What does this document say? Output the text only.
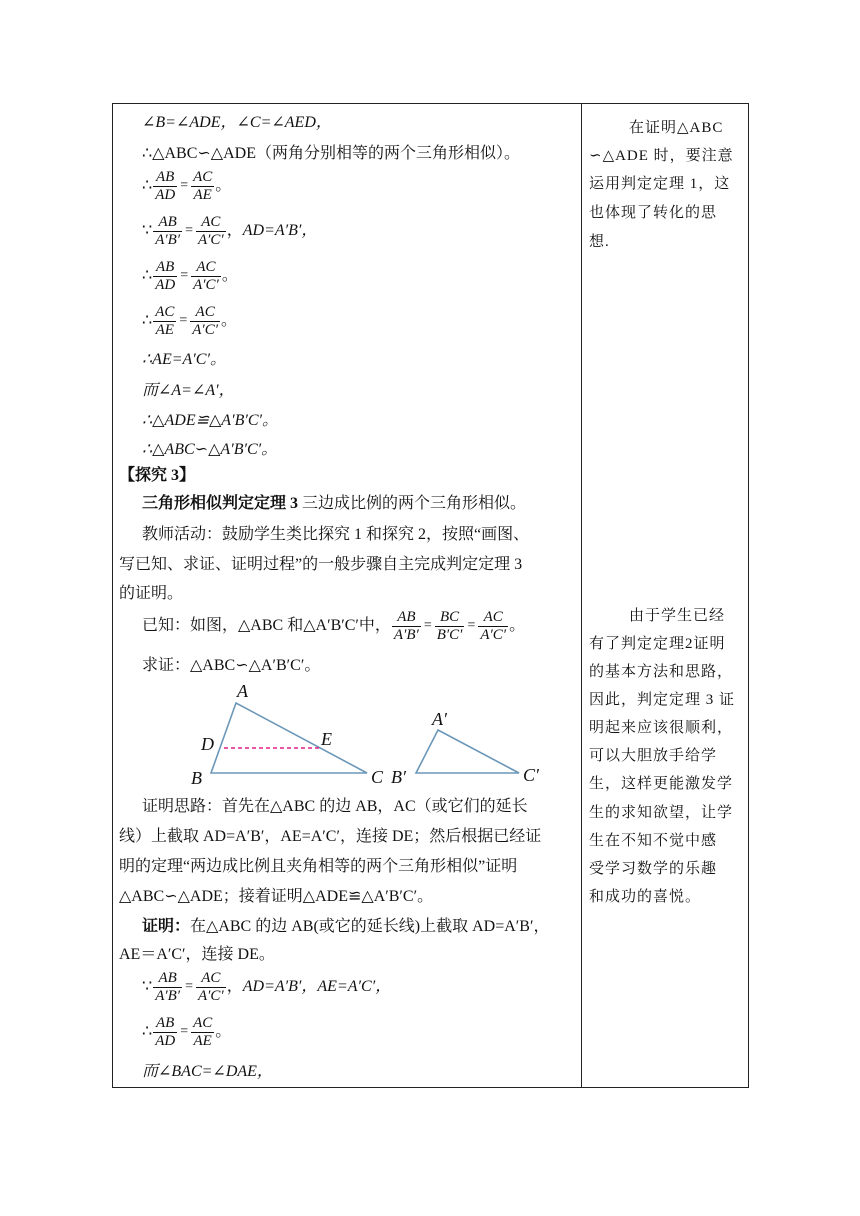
∠B=∠ADE，∠C=∠AED，
∴△ABC∽△ADE（两角分别相等的两个三角形相似）。
∴ $\frac{AB}{AD} = \frac{AC}{AE}$ 。
∵ $\frac{AB}{A'B'} = \frac{AC}{A'C'}$ ， AD=A′B′，
∴ $\frac{AB}{AD} = \frac{AC}{A'C'}$ 。
∴ $\frac{AC}{AE} = \frac{AC}{A'C'}$ 。
∴AE=A′C′。
而∠A=∠A′，
∴△ADE≌△A′B′C′。
∴△ABC∽△A′B′C′。
【探究 3】
三角形相似判定定理 3 三边成比例的两个三角形相似。
教师活动：鼓励学生类比探究 1 和探究 2，按照“画图、
写已知、求证、证明过程”的一般步骤自主完成判定定理 3
的证明。
已知：如图，△ABC 和△A′B′C′中， $\frac{AB}{A'B'} = \frac{BC}{B'C'} = \frac{AC}{A'C'}$ 。
求证：△ABC∽△A′B′C′。
A
D	E
B	C
A′
B′	C′
证明思路：首先在△ABC 的边 AB，AC（或它们的延长
线）上截取 AD=A′B′，AE=A′C′，连接 DE；然后根据已经证
明的定理“两边成比例且夹角相等的两个三角形相似”证明
△ABC∽△ADE；接着证明△ADE≌△A′B′C′。
证明：在△ABC 的边 AB(或它的延长线)上截取 AD=A′B′，
AE＝A′C′，连接 DE。
∵ $\frac{AB}{A'B'} = \frac{AC}{A'C'}$ ， AD=A′B′，AE=A′C′，
∴ $\frac{AB}{AD} = \frac{AC}{AE}$ 。
而∠BAC=∠DAE，
在证明△ABC
∽△ADE 时，要注意
运用判定定理 1，这
也体现了转化的思
想.
由于学生已经
有了判定定理2证明
的基本方法和思路，
因此，判定定理 3 证
明起来应该很顺利，
可以大胆放手给学
生，这样更能激发学
生的求知欲望，让学
生在不知不觉中感
受学习数学的乐趣
和成功的喜悦。
